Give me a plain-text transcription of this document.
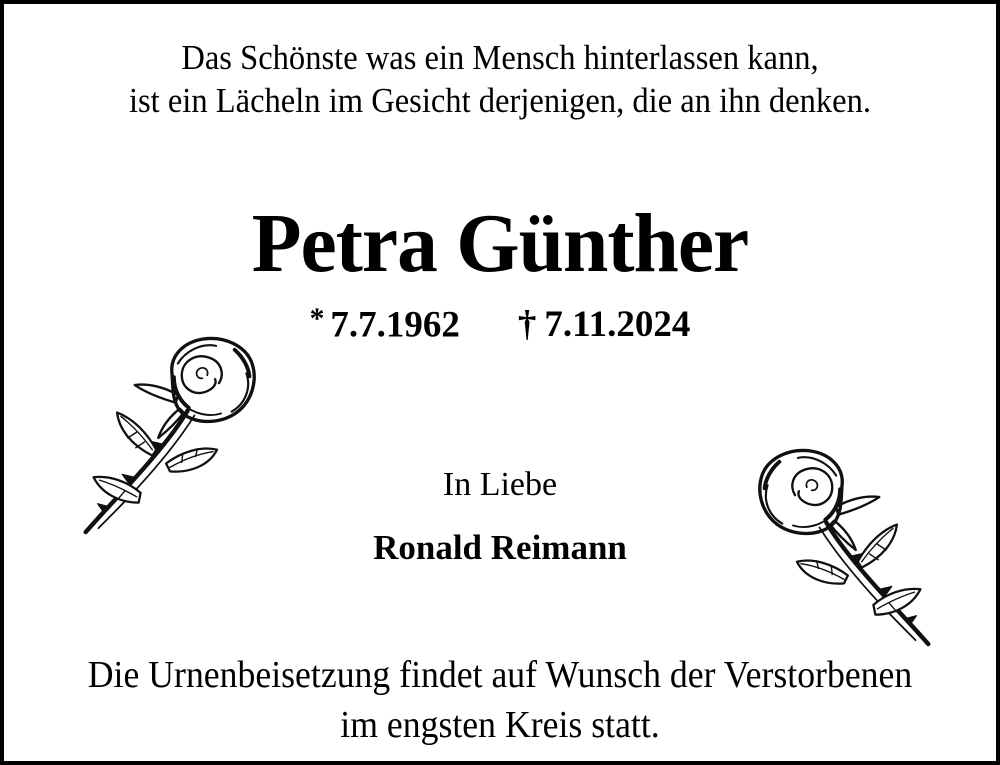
Das Schönste was ein Mensch hinterlassen kann,
ist ein Lächeln im Gesicht derjenigen, die an ihn denken.
Petra Günther
* 7.7.1962 † 7.11.2024
In Liebe
Ronald Reimann
Die Urnenbeisetzung findet auf Wunsch der Verstorbenen
im engsten Kreis statt.
